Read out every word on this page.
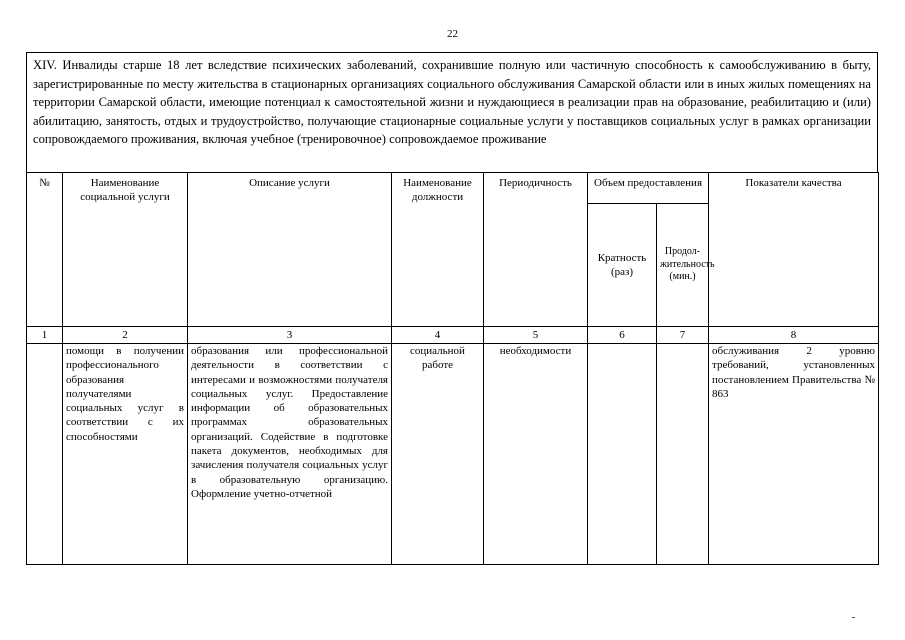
22
XIV. Инвалиды старше 18 лет вследствие психических заболеваний, сохранившие полную или частичную способность к самообслуживанию в быту, зарегистрированные по месту жительства в стационарных организациях социального обслуживания Самарской области или в иных жилых помещениях на территории Самарской области, имеющие потенциал к самостоятельной жизни и нуждающиеся в реализации прав на образование, реабилитацию и (или) абилитацию, занятость, отдых и трудоустройство, получающие стационарные социальные услуги у поставщиков социальных услуг в рамках организации сопровождаемого проживания, включая учебное (тренировочное) сопровождаемое проживание
№	Наименование социальной услуги	Описание услуги	Наименование должности	Периодичность	Объем предоставления		Показатели качества
					Кратность (раз)	Продол-жительность (мин.)	
1	2	3	4	5	6	7	8
	помощи в получении профессионального образования получателями социальных услуг в соответствии с их способностями	образования или профессиональной деятельности в соответствии с интересами и возможностями получателя социальных услуг. Предоставление информации об образовательных программах образовательных организаций. Содействие в подготовке пакета документов, необходимых для зачисления получателя социальных услуг в образовательную организацию. Оформление учетно-отчетной	социальной работе	необходимости			обслуживания 2 уровню требований, установленных постановлением Правительства № 863
